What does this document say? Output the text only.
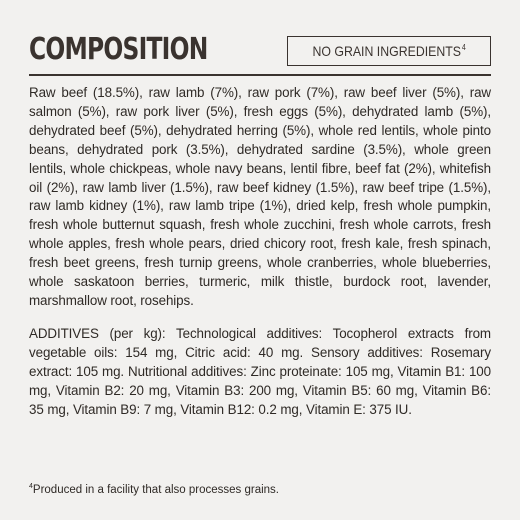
COMPOSITION	NO GRAIN INGREDIENTS$^4$

Raw beef (18.5%), raw lamb (7%), raw pork (7%), raw beef liver (5%), raw salmon (5%), raw pork liver (5%), fresh eggs (5%), dehydrated lamb (5%), dehydrated beef (5%), dehydrated herring (5%), whole red lentils, whole pinto beans, dehydrated pork (3.5%), dehydrated sardine (3.5%), whole green lentils, whole chickpeas, whole navy beans, lentil fibre, beef fat (2%), whitefish oil (2%), raw lamb liver (1.5%), raw beef kidney (1.5%), raw beef tripe (1.5%), raw lamb kidney (1%), raw lamb tripe (1%), dried kelp, fresh whole pumpkin, fresh whole butternut squash, fresh whole zucchini, fresh whole carrots, fresh whole apples, fresh whole pears, dried chicory root, fresh kale, fresh spinach, fresh beet greens, fresh turnip greens, whole cranberries, whole blueberries, whole saskatoon berries, turmeric, milk thistle, burdock root, lavender, marshmallow root, rosehips.

ADDITIVES (per kg): Technological additives: Tocopherol extracts from vegetable oils: 154 mg, Citric acid: 40 mg. Sensory additives: Rosemary extract: 105 mg. Nutritional additives: Zinc proteinate: 105 mg, Vitamin B1: 100 mg, Vitamin B2: 20 mg, Vitamin B3: 200 mg, Vitamin B5: 60 mg, Vitamin B6: 35 mg, Vitamin B9: 7 mg, Vitamin B12: 0.2 mg, Vitamin E: 375 IU.

$^4$Produced in a facility that also processes grains.
